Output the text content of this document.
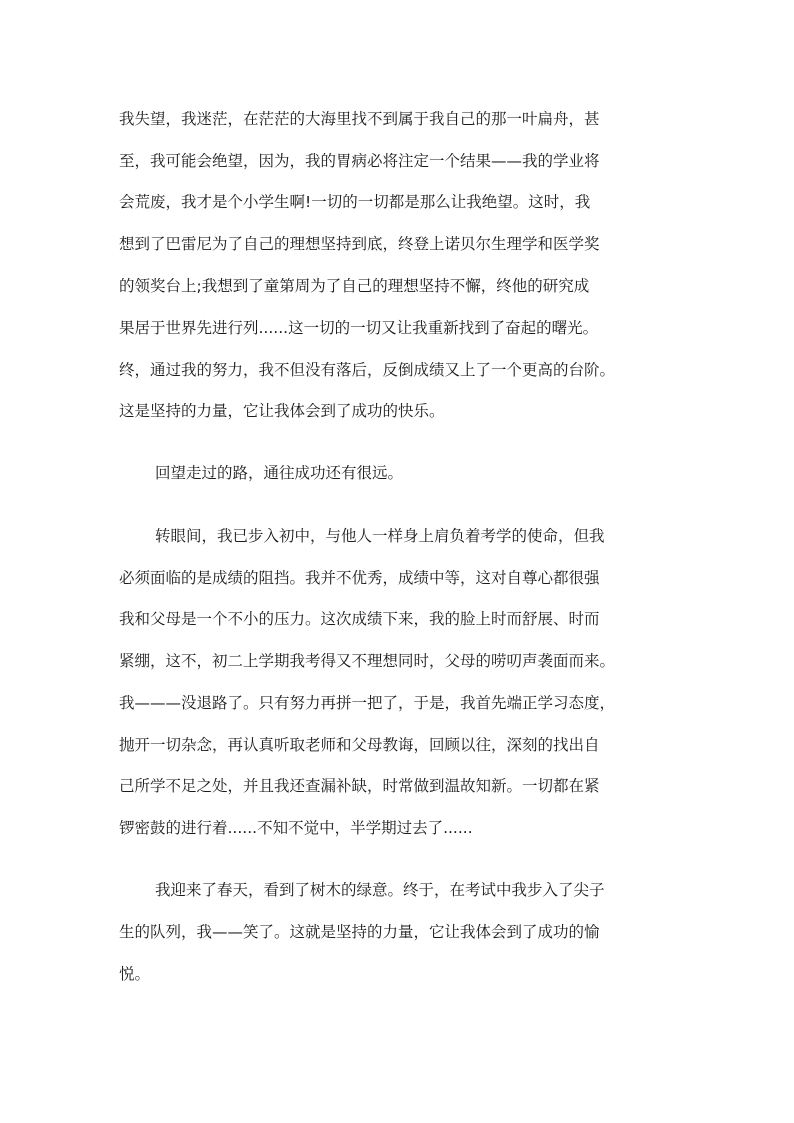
我失望，我迷茫，在茫茫的大海里找不到属于我自己的那一叶扁舟，甚
至，我可能会绝望，因为，我的胃病必将注定一个结果——我的学业将
会荒废，我才是个小学生啊!一切的一切都是那么让我绝望。这时，我
想到了巴雷尼为了自己的理想坚持到底，终登上诺贝尔生理学和医学奖
的领奖台上;我想到了童第周为了自己的理想坚持不懈，终他的研究成
果居于世界先进行列......这一切的一切又让我重新找到了奋起的曙光。
终，通过我的努力，我不但没有落后，反倒成绩又上了一个更高的台阶。
这是坚持的力量，它让我体会到了成功的快乐。
回望走过的路，通往成功还有很远。
转眼间，我已步入初中，与他人一样身上肩负着考学的使命，但我
必须面临的是成绩的阻挡。我并不优秀，成绩中等，这对自尊心都很强
我和父母是一个不小的压力。这次成绩下来，我的脸上时而舒展、时而
紧绷，这不，初二上学期我考得又不理想同时，父母的唠叨声袭面而来。
我———没退路了。只有努力再拼一把了，于是，我首先端正学习态度，
抛开一切杂念，再认真听取老师和父母教诲，回顾以往，深刻的找出自
己所学不足之处，并且我还查漏补缺，时常做到温故知新。一切都在紧
锣密鼓的进行着......不知不觉中，半学期过去了......
我迎来了春天，看到了树木的绿意。终于，在考试中我步入了尖子
生的队列，我——笑了。这就是坚持的力量，它让我体会到了成功的愉
悦。
